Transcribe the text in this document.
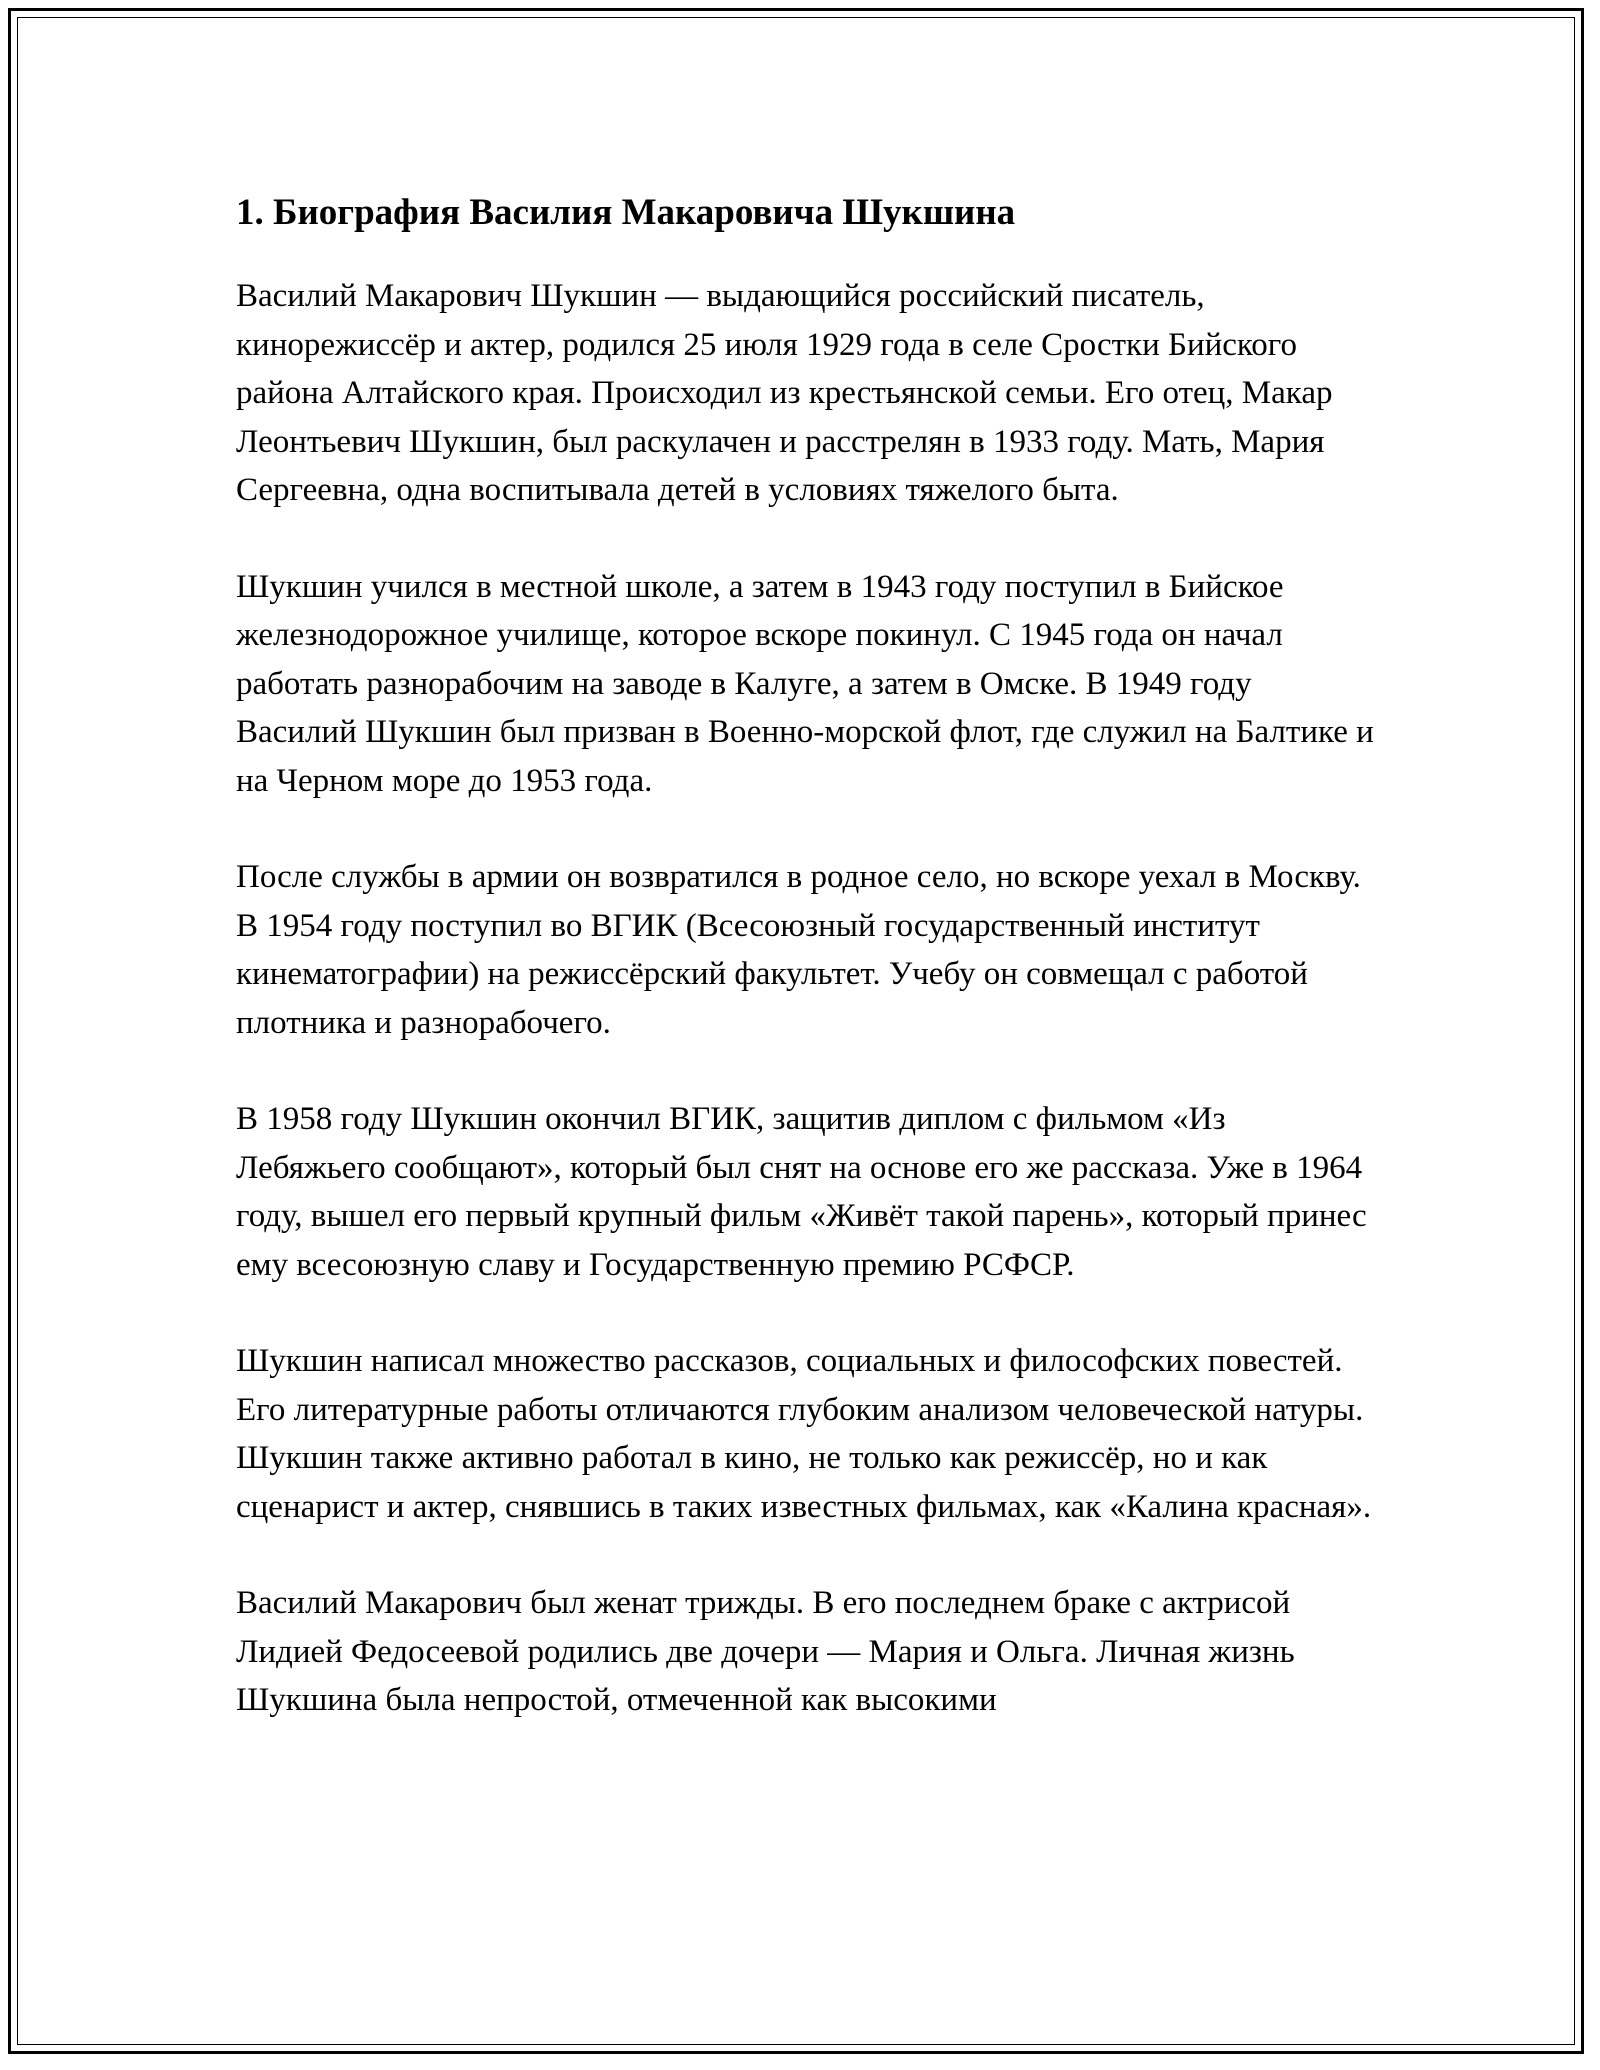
1. Биография Василия Макаровича Шукшина

Василий Макарович Шукшин — выдающийся российский писатель, кинорежиссёр и актер, родился 25 июля 1929 года в селе Сростки Бийского района Алтайского края. Происходил из крестьянской семьи. Его отец, Макар Леонтьевич Шукшин, был раскулачен и расстрелян в 1933 году. Мать, Мария Сергеевна, одна воспитывала детей в условиях тяжелого быта.

Шукшин учился в местной школе, а затем в 1943 году поступил в Бийское железнодорожное училище, которое вскоре покинул. С 1945 года он начал работать разнорабочим на заводе в Калуге, а затем в Омске. В 1949 году Василий Шукшин был призван в Военно-морской флот, где служил на Балтике и на Черном море до 1953 года.

После службы в армии он возвратился в родное село, но вскоре уехал в Москву. В 1954 году поступил во ВГИК (Всесоюзный государственный институт кинематографии) на режиссёрский факультет. Учебу он совмещал с работой плотника и разнорабочего.

В 1958 году Шукшин окончил ВГИК, защитив диплом с фильмом «Из Лебяжьего сообщают», который был снят на основе его же рассказа. Уже в 1964 году, вышел его первый крупный фильм «Живёт такой парень», который принес ему всесоюзную славу и Государственную премию РСФСР.

Шукшин написал множество рассказов, социальных и философских повестей. Его литературные работы отличаются глубоким анализом человеческой натуры. Шукшин также активно работал в кино, не только как режиссёр, но и как сценарист и актер, снявшись в таких известных фильмах, как «Калина красная».

Василий Макарович был женат трижды. В его последнем браке с актрисой Лидией Федосеевой родились две дочери — Мария и Ольга. Личная жизнь Шукшина была непростой, отмеченной как высокими
